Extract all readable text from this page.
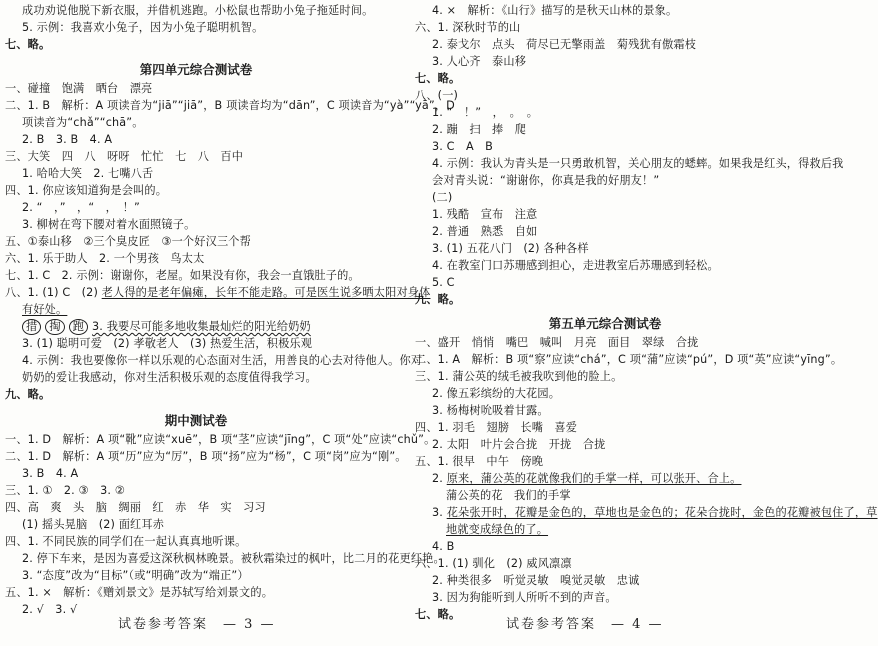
成功劝说他脱下新衣服，并借机逃跑。小松鼠也帮助小兔子拖延时间。
5. 示例：我喜欢小兔子，因为小兔子聪明机智。
七、略。
第四单元综合测试卷
一、碰撞　饱满　晒台　漂亮
二、1. B　解析：A 项读音为“jiā”“jiā”，B 项读音均为“dān”，C 项读音为“yà”“yā”，D
项读音为“chǎ”“chā”。
2. B　3. B　4. A
三、大笑　四　八　呀呀　忙忙　七　八　百中
1. 哈哈大笑　2. 七嘴八舌
四、1. 你应该知道狗是会叫的。
2. “　，”　，“　，　！”
3. 柳树在弯下腰对着水面照镜子。
五、①泰山移　②三个臭皮匠　③一个好汉三个帮
六、1. 乐于助人　2. 一个男孩　鸟太太
七、1. C　2. 示例：谢谢你，老屋。如果没有你，我会一直饿肚子的。
八、1. (1) C　(2) 老人得的是老年偏瘫，长年不能走路。可是医生说多晒太阳对身体
有好处。
措 掏 跑 3. 我要尽可能多地收集最灿烂的阳光给奶奶
3. (1) 聪明可爱　(2) 孝敬老人　(3) 热爱生活，积极乐观
4. 示例：我也要像你一样以乐观的心态面对生活，用善良的心去对待他人。你对
奶奶的爱让我感动，你对生活积极乐观的态度值得我学习。
九、略。
期中测试卷
一、1. D　解析：A 项“靴”应读“xuē”，B 项“茎”应读“jīng”，C 项“处”应读“chǔ”。
二、1. D　解析：A 项“历”应为“厉”，B 项“扬”应为“杨”，C 项“岗”应为“刚”。
3. B　4. A
三、1. ①　2. ③　3. ②
四、高　爽　头　脑　绸丽　红　赤　华　实　习习
(1) 摇头晃脑　(2) 面红耳赤
四、1. 不同民族的同学们在一起认真真地听课。
2. 停下车来，是因为喜爱这深秋枫林晚景。被秋霜染过的枫叶，比二月的花更红艳。
3. “态度”改为“目标”（或“明确”改为“端正”）
五、1. ×　解析：《赠刘景文》是苏轼写给刘景文的。
2. √　3. √
试卷参考答案　— 3 —
4. ×　解析：《山行》描写的是秋天山林的景象。
六、1. 深秋时节的山
2. 泰戈尔　点头　荷尽已无擎雨盖　菊残犹有傲霜枝
3. 人心齐　泰山移
七、略。
八、(一)
1. “　！”　，　。　。
2. 蹦　扫　捧　爬
3. C　A　B
4. 示例：我认为青头是一只勇敢机智，关心朋友的蟋蟀。如果我是红头，得救后我
会对青头说：“谢谢你，你真是我的好朋友！”
(二)
1. 残酷　宣布　注意
2. 普通　熟悉　自如
3. (1) 五花八门　(2) 各种各样
4. 在教室门口苏珊感到担心，走进教室后苏珊感到轻松。
5. C
九、略。
第五单元综合测试卷
一、盛开　悄悄　嘴巴　喊叫　月亮　面目　翠绿　合拢
二、1. A　解析：B 项“察”应读“chá”，C 项“蒲”应读“pú”，D 项“英”应读“yīng”。
三、1. 蒲公英的绒毛被我吹到他的脸上。
2. 像五彩缤纷的大花园。
3. 杨梅树吮吸着甘露。
四、1. 羽毛　翅膀　长嘴　喜爱
2. 太阳　叶片会合拢　开拢　合拢
五、1. 很早　中午　傍晚
2. 原来，蒲公英的花就像我们的手掌一样，可以张开、合上。
蒲公英的花　我们的手掌
3. 花朵张开时，花瓣是金色的，草地也是金色的；花朵合拢时，金色的花瓣被包住了，草
地就变成绿色的了。
4. B
六、1. (1) 驯化　(2) 威风凛凛
2. 种类很多　听觉灵敏　嗅觉灵敏　忠诚
3. 因为狗能听到人所听不到的声音。
七、略。
试卷参考答案　— 4 —
